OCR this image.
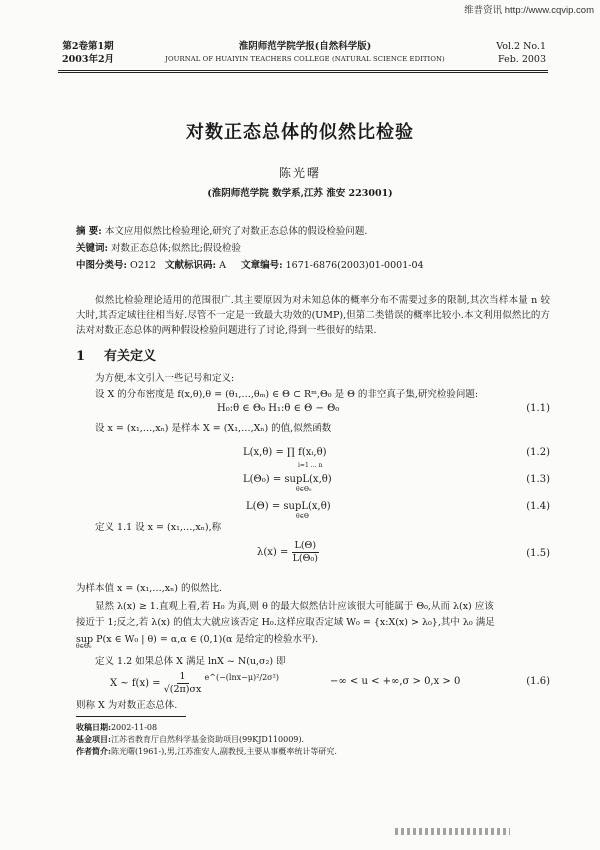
维普资讯 http://www.cqvip.com
第2卷第1期
2003年2月
淮阴师范学院学报(自然科学版)
JOURNAL OF HUAIYIN TEACHERS COLLEGE (NATURAL SCIENCE EDITION)
Vol.2 No.1
Feb. 2003
对数正态总体的似然比检验
陈光曙
(淮阴师范学院 数学系,江苏 淮安 223001)
摘 要: 本文应用似然比检验理论,研究了对数正态总体的假设检验问题.
关键词: 对数正态总体;似然比;假设检验
中图分类号: O212 文献标识码: A 文章编号: 1671-6876(2003)01-0001-04
似然比检验理论适用的范围很广.其主要原因为对未知总体的概率分布不需要过多的限制,其次当样本量 n 较大时,其否定域往往相当好.尽管不一定是一致最大功效的(UMP),但第二类错误的概率比较小.本文利用似然比的方法对对数正态总体的两种假设检验问题进行了讨论,得到一些很好的结果.
1 有关定义
为方便,本文引入一些记号和定义:
设 X 的分布密度是 f(x,θ),θ = (θ₁,…,θₘ) ∈ Θ ⊂ Rᵐ,Θ₀ 是 Θ 的非空真子集,研究检验问题:
H₀:θ ∈ Θ₀ H₁:θ ∈ Θ − Θ₀	(1.1)
设 x = (x₁,…,xₙ) 是样本 X = (X₁,…,Xₙ) 的值,似然函数
L(x,θ) = ∏ f(xᵢ,θ)
i=1 … n
(1.2)
L(Θ₀) = supL(x,θ)
θ∈Θ₀
(1.3)
L(Θ) = supL(x,θ)
θ∈Θ
(1.4)
定义 1.1 设 x = (x₁,…,xₙ),称
$\lambda(x) = \frac{L(\Theta)}{\text{L(Θ₀)}}$	(1.5)
为样本值 x = (x₁,…,xₙ) 的似然比.
显然 λ(x) ≥ 1.直观上看,若 H₀ 为真,则 θ 的最大似然估计应该很大可能属于 Θ₀,从而 λ(x) 应该
接近于 1;反之,若 λ(x) 的值太大就应该否定 H₀.这样应取否定域 W₀ = {x:X(x) > λ₀},其中 λ₀ 满足
sup P(x ∈ W₀ | θ) = α,α ∈ (0,1)(α 是给定的检验水平).
θ∈Θ₀
定义 1.2 如果总体 X 满足 lnX ~ N(u,σ₂) 即
X ~ $f(x) = \frac{1}{√(2\pi)\sigma x} ^{e\^{}(-(lnx-\mu)^2/2\sigma^2)}$	−∞ < u < +∞,σ > 0,x > 0	(1.6)
则称 X 为对数正态总体.
收稿日期:2002-11-08
基金项目:江苏省教育厅自然科学基金资助项目(99KJD110009).
作者简介:陈光曙(1961-),男,江苏淮安人,副教授,主要从事概率统计等研究.
